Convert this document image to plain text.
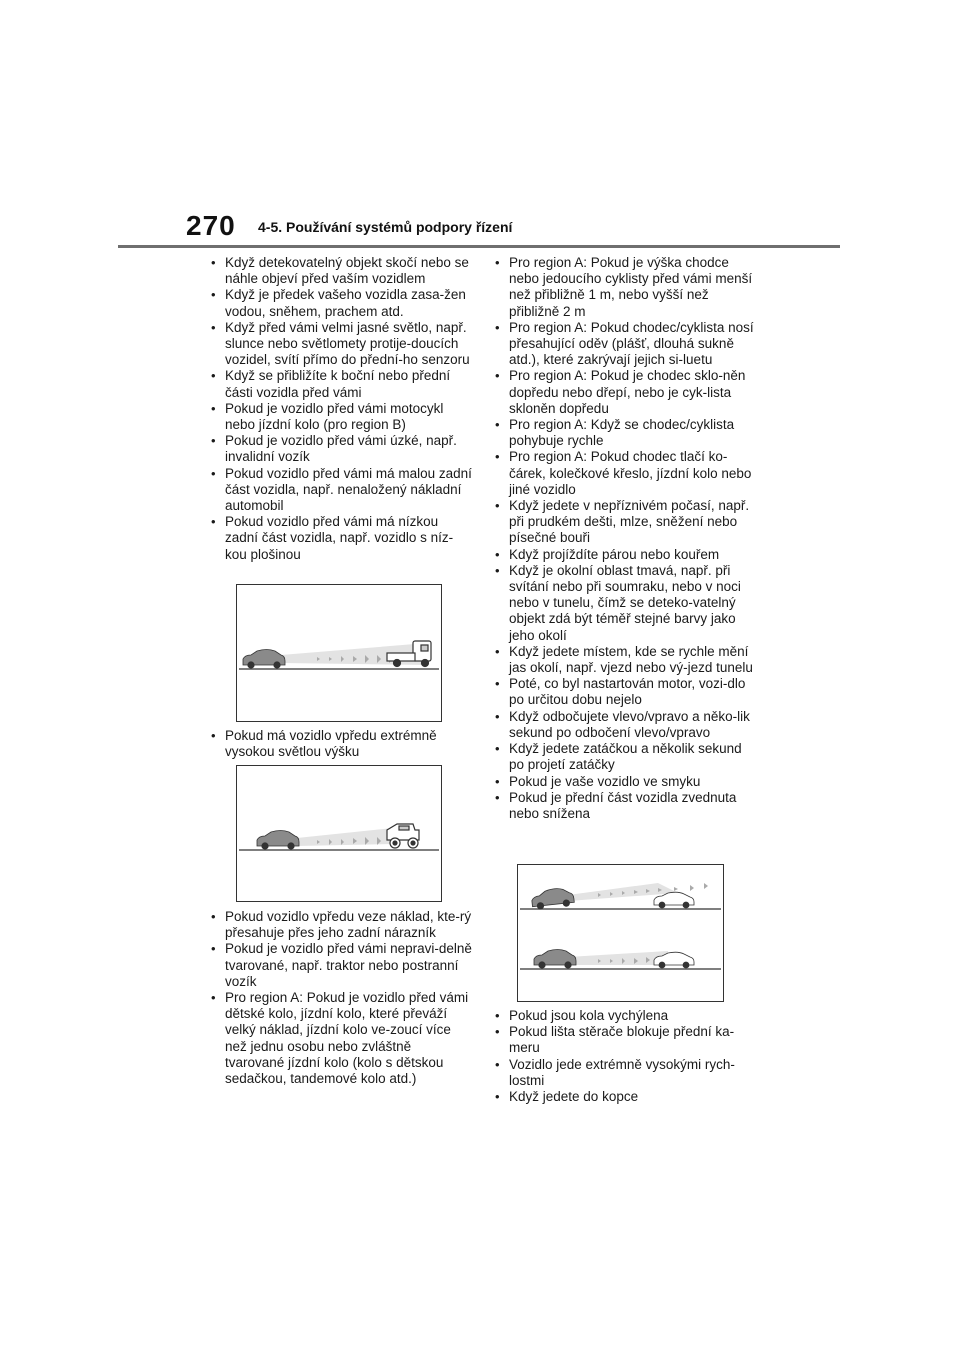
270 4-5. Používání systémů podpory řízení
• Když detekovatelný objekt skočí nebo se náhle objeví před vaším vozidlem
• Když je předek vašeho vozidla zasa-žen vodou, sněhem, prachem atd.
• Když před vámi velmi jasné světlo, např. slunce nebo světlomety protije-doucích vozidel, svítí přímo do přední-ho senzoru
• Když se přibližíte k boční nebo přední části vozidla před vámi
• Pokud je vozidlo před vámi motocykl nebo jízdní kolo (pro region B)
• Pokud je vozidlo před vámi úzké, např. invalidní vozík
• Pokud vozidlo před vámi má malou zadní část vozidla, např. nenaložený nákladní automobil
• Pokud vozidlo před vámi má nízkou zadní část vozidla, např. vozidlo s níz-kou plošinou
• Pokud má vozidlo vpředu extrémně vysokou světlou výšku
• Pokud vozidlo vpředu veze náklad, kte-rý přesahuje přes jeho zadní nárazník
• Pokud je vozidlo před vámi nepravi-delně tvarované, např. traktor nebo postranní vozík
• Pro region A: Pokud je vozidlo před vámi dětské kolo, jízdní kolo, které převáží velký náklad, jízdní kolo ve-zoucí více než jednu osobu nebo zvláštně tvarované jízdní kolo (kolo s dětskou sedačkou, tandemové kolo atd.)
• Pro region A: Pokud je výška chodce nebo jedoucího cyklisty před vámi menší než přibližně 1 m, nebo vyšší než přibližně 2 m
• Pro region A: Pokud chodec/cyklista nosí přesahující oděv (plášť, dlouhá sukně atd.), které zakrývají jejich si-luetu
• Pro region A: Pokud je chodec sklo-něn dopředu nebo dřepí, nebo je cyk-lista skloněn dopředu
• Pro region A: Když se chodec/cyklista pohybuje rychle
• Pro region A: Pokud chodec tlačí ko-čárek, kolečkové křeslo, jízdní kolo nebo jiné vozidlo
• Když jedete v nepříznivém počasí, např. při prudkém dešti, mlze, sněžení nebo písečné bouři
• Když projíždíte párou nebo kouřem
• Když je okolní oblast tmavá, např. při svítání nebo při soumraku, nebo v noci nebo v tunelu, čímž se deteko-vatelný objekt zdá být téměř stejné barvy jako jeho okolí
• Když jedete místem, kde se rychle mění jas okolí, např. vjezd nebo vý-jezd tunelu
• Poté, co byl nastartován motor, vozi-dlo po určitou dobu nejelo
• Když odbočujete vlevo/vpravo a něko-lik sekund po odbočení vlevo/vpravo
• Když jedete zatáčkou a několik sekund po projetí zatáčky
• Pokud je vaše vozidlo ve smyku
• Pokud je přední část vozidla zvednuta nebo snížena
• Pokud jsou kola vychýlena
• Pokud lišta stěrače blokuje přední ka-meru
• Vozidlo jede extrémně vysokými rych-lostmi
• Když jedete do kopce
